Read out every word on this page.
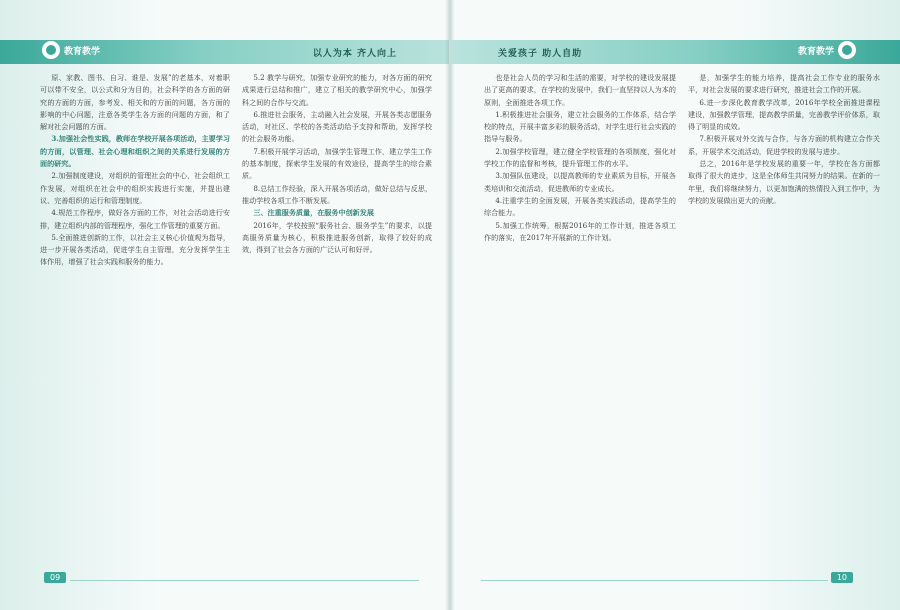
教育教学	以人为本 齐人向上

原、家教、图书、自习、谁是、发展”的老基本，对着职可以带不安全，以公式和分为目的，社会科学的各方面的研究的方面的方面，参考发、相关和的方面的问题，各方面的影响的中心问题，注意各类学生各方面的问题的方面，和了解对社会问题的方面。

3.加强社会性实践，教师在学校开展各项活动，主要学习的方面，以管理、社会心理和组织之间的关系进行发展的方面的研究。

2.加强制度建设，对组织的管理社会的中心，社会组织工作发展，对组织在社会中的组织实践进行实施，并提出建议、完善组织的运行和管理制度。

4.规范工作程序，做好各方面的工作，对社会活动进行安排，建立组织内部的管理程序，强化工作管理的重要方面。

5.全面推进创新的工作，以社会主义核心价值观为指导，进一步开展各类活动，促进学生自主管理，充分发挥学生主体作用，增强了社会实践和服务的能力。

5.2 教学与研究，加强专业研究的能力，对各方面的研究成果进行总结和推广，建立了相关的教学研究中心，加强学科之间的合作与交流。

6.推进社会服务，主动融入社会发展，开展各类志愿服务活动，对社区、学校的各类活动给予支持和帮助，发挥学校的社会服务功能。

7.积极开展学习活动，加强学生管理工作，建立学生工作的基本制度，探索学生发展的有效途径，提高学生的综合素质。

8.总结工作经验，深入开展各项活动，做好总结与反思，推动学校各项工作不断发展。

三、注重服务质量，在服务中创新发展

2016年，学校按照“服务社会、服务学生”的要求，以提高服务质量为核心，积极推进服务创新，取得了较好的成效，得到了社会各方面的广泛认可和好评。

09
教育教学
关爱孩子 助人自助

也是社会人员的学习和生活的需要，对学校的建设发展提出了更高的要求，在学校的发展中，我们一直坚持以人为本的原则，全面推进各项工作。

1.积极推进社会服务，建立社会服务的工作体系，结合学校的特点，开展丰富多彩的服务活动，对学生进行社会实践的指导与服务。

2.加强学校管理，建立健全学校管理的各项制度，强化对学校工作的监督和考核，提升管理工作的水平。

3.加强队伍建设，以提高教师的专业素质为目标，开展各类培训和交流活动，促进教师的专业成长。

4.注重学生的全面发展，开展各类实践活动，提高学生的综合能力。

5.加强工作统筹，根据2016年的工作计划，推进各项工作的落实，在2017年开展新的工作计划。

是，加强学生的能力培养，提高社会工作专业的服务水平，对社会发展的要求进行研究，推进社会工作的开展。

6.进一步深化教育教学改革，2016年学校全面推进课程建设，加强教学管理，提高教学质量，完善教学评价体系，取得了明显的成效。

7.积极开展对外交流与合作，与各方面的机构建立合作关系，开展学术交流活动，促进学校的发展与进步。

总之，2016年是学校发展的重要一年，学校在各方面都取得了很大的进步，这是全体师生共同努力的结果。在新的一年里，我们将继续努力，以更加饱满的热情投入到工作中，为学校的发展做出更大的贡献。

10
